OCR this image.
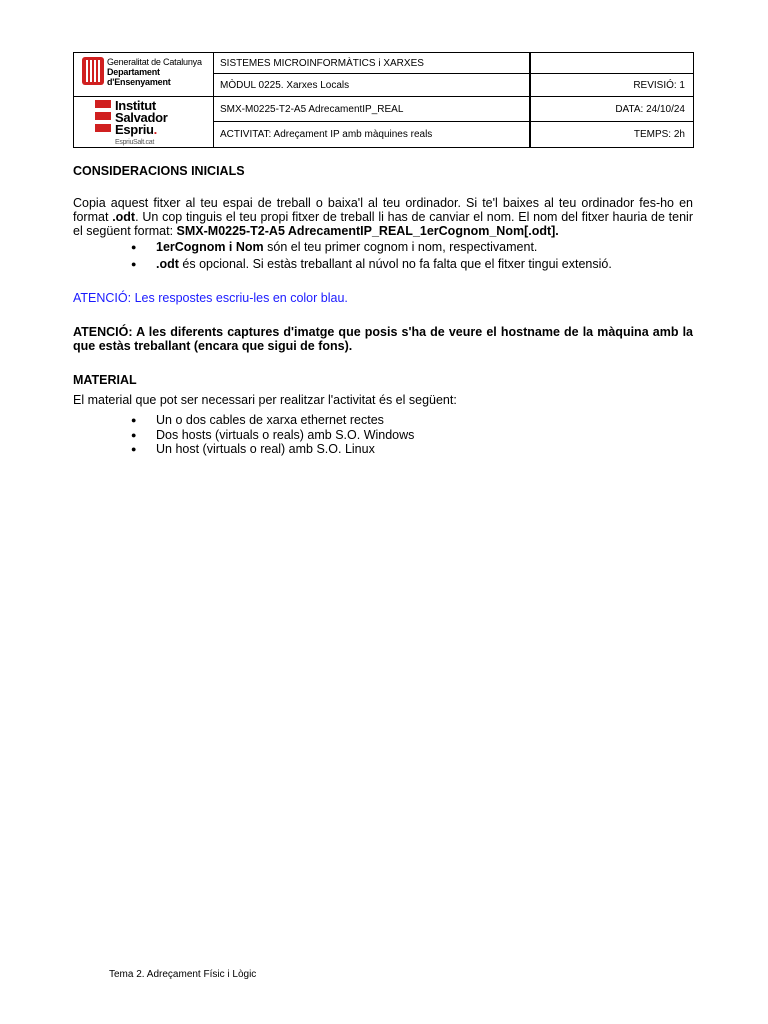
Generalitat de Catalunya
Departament
d'Ensenyament
Institut
Salvador
Espriu.
EspriuSalt.cat
SISTEMES MICROINFORMÀTICS i XARXES
MÒDUL 0225. Xarxes Locals	REVISIÓ: 1
SMX-M0225-T2-A5 AdrecamentIP_REAL	DATA: 24/10/24
ACTIVITAT: Adreçament IP amb màquines reals	TEMPS: 2h
CONSIDERACIONS INICIALS

Copia aquest fitxer al teu espai de treball o baixa'l al teu ordinador. Si te'l baixes al teu ordinador fes-ho en format .odt. Un cop tinguis el teu propi fitxer de treball li has de canviar el nom. El nom del fitxer hauria de tenir el següent format: SMX-M0225-T2-A5 AdrecamentIP_REAL_1erCognom_Nom[.odt].

● 1erCognom i Nom són el teu primer cognom i nom, respectivament.
● .odt és opcional. Si estàs treballant al núvol no fa falta que el fitxer tingui extensió.

ATENCIÓ: Les respostes escriu-les en color blau.

ATENCIÓ: A les diferents captures d'imatge que posis s'ha de veure el hostname de la màquina amb la que estàs treballant (encara que sigui de fons).

MATERIAL

El material que pot ser necessari per realitzar l'activitat és el següent:

● Un o dos cables de xarxa ethernet rectes
● Dos hosts (virtuals o reals) amb S.O. Windows
● Un host (virtuals o real) amb S.O. Linux
Tema 2. Adreçament Físic i Lògic
